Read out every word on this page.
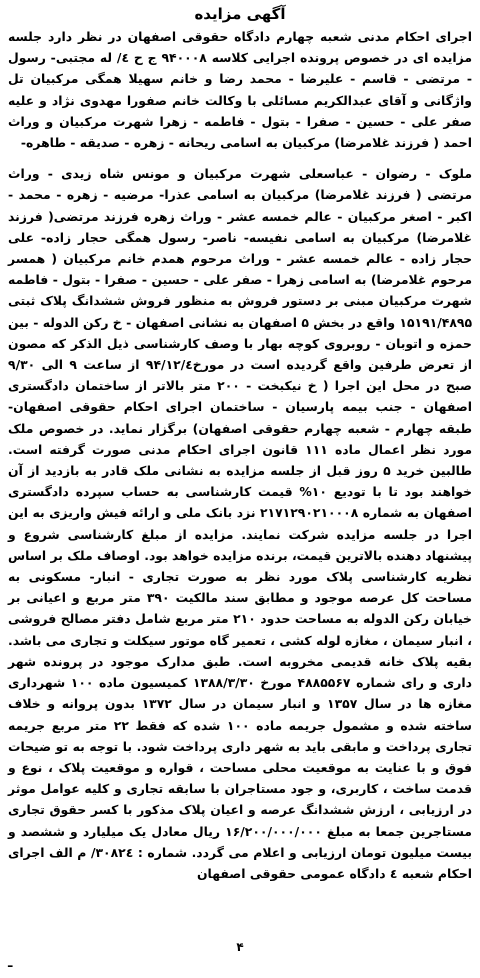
آگهی مزایده

اجرای احکام مدنی شعبه چهارم دادگاه حقوقی اصفهان در نظر دارد جلسه مزایده ای در خصوص پرونده اجرایی کلاسه ۹۴۰۰۰۸ ج ح ٤/ له مجتبی- رسول - مرتضی - قاسم - علیرضا - محمد رضا و خانم سهیلا همگی مرکبیان تل واژگانی و آقای عبدالکریم مسائلی با وکالت خانم صفورا مهدوی نژاد و علیه صفر علی - حسین - صفرا - بتول - فاطمه - زهرا شهرت مرکبیان و وراث احمد ( فرزند غلامرضا) مرکبیان به اسامی ریحانه - زهره - صدیقه - طاهره-

ملوک - رضوان - عباسعلی شهرت مرکبیان و مونس شاه زیدی - وراث مرتضی ( فرزند غلامرضا) مرکبیان به اسامی عذرا- مرضیه - زهره - محمد - اکبر - اصغر مرکبیان - عالم خمسه عشر - وراث زهره فرزند مرتضی( فرزند غلامرضا) مرکبیان به اسامی نفیسه- ناصر- رسول همگی حجار زاده- علی حجار زاده - عالم خمسه عشر - وراث مرحوم همدم خانم مرکبیان ( همسر مرحوم غلامرضا) به اسامی زهرا - صفر علی - حسین - صفرا - بتول - فاطمه شهرت مرکبیان مبنی بر دستور فروش به منظور فروش ششدانگ پلاک ثبتی ۱۵۱۹۱/۴۸۹۵ واقع در بخش ۵ اصفهان به نشانی اصفهان - خ رکن الدوله - بین حمزه و اتوبان - روبروی کوچه بهار با وصف کارشناسی ذیل الذکر که مصون از تعرض طرفین واقع گردیده است در مورخ۹۴/۱۲/٤ از ساعت ۹ الی ۹/۳۰ صبح در محل این اجرا ( خ نیکبخت - ۲۰۰ متر بالاتر از ساختمان دادگستری اصفهان - جنب بیمه پارسیان - ساختمان اجرای احکام حقوقی اصفهان- طبقه چهارم - شعبه چهارم حقوقی اصفهان) برگزار نماید. در خصوص ملک مورد نظر اعمال ماده ۱۱۱ قانون اجرای احکام مدنی صورت گرفته است. طالبین خرید ۵ روز قبل از جلسه مزایده به نشانی ملک قادر به بازدید از آن خواهند بود تا با تودیع ۱۰% قیمت کارشناسی به حساب سپرده دادگستری اصفهان به شماره ۲۱۷۱۲۹۰۲۱۰۰۰۸ نزد بانک ملی و ارائه فیش واریزی به این اجرا در جلسه مزایده شرکت نمایند. مزایده از مبلغ کارشناسی شروع و پیشنهاد دهنده بالاترین قیمت، برنده مزایده خواهد بود. اوصاف ملک بر اساس نظریه کارشناسی پلاک مورد نظر به صورت تجاری - انبار- مسکونی به مساحت کل عرصه موجود و مطابق سند مالکیت ۳۹۰ متر مربع و اعیانی بر خیابان رکن الدوله به مساحت حدود ۲۱۰ متر مربع شامل دفتر مصالح فروشی ، انبار سیمان ، مغازه لوله کشی ، تعمیر گاه موتور سیکلت و تجاری می باشد. بقیه پلاک خانه قدیمی مخروبه است. طبق مدارک موجود در پرونده شهر داری و رای شماره ۴۸۸۵۵۶۷ مورخ ۱۳۸۸/۳/۳۰ کمیسیون ماده ۱۰۰ شهرداری مغازه ها در سال ۱۳۵۷ و انبار سیمان در سال ۱۳۷۲ بدون پروانه و خلاف ساخته شده و مشمول جریمه ماده ۱۰۰ شده که فقط ۲۲ متر مربع جریمه تجاری پرداخت و مابقی باید به شهر داری پرداخت شود. با توجه به تو ضیحات فوق و با عنایت به موقعیت محلی مساحت ، قواره و موقعیت پلاک ، نوع و قدمت ساخت ، کاربری، و جود مستاجران با سابقه تجاری و کلیه عوامل موثر در ارزیابی ، ارزش ششدانگ عرصه و اعیان پلاک مذکور با کسر حقوق تجاری مستاجرین جمعا به مبلغ ۱۶/۲۰۰/۰۰۰/۰۰۰ ریال معادل یک میلیارد و ششصد و بیست میلیون تومان ارزیابی و اعلام می گردد. شماره : ۳۰۸۲٤/ م الف اجرای احکام شعبه ٤ دادگاه عمومی حقوقی اصفهان

۴
ـ
